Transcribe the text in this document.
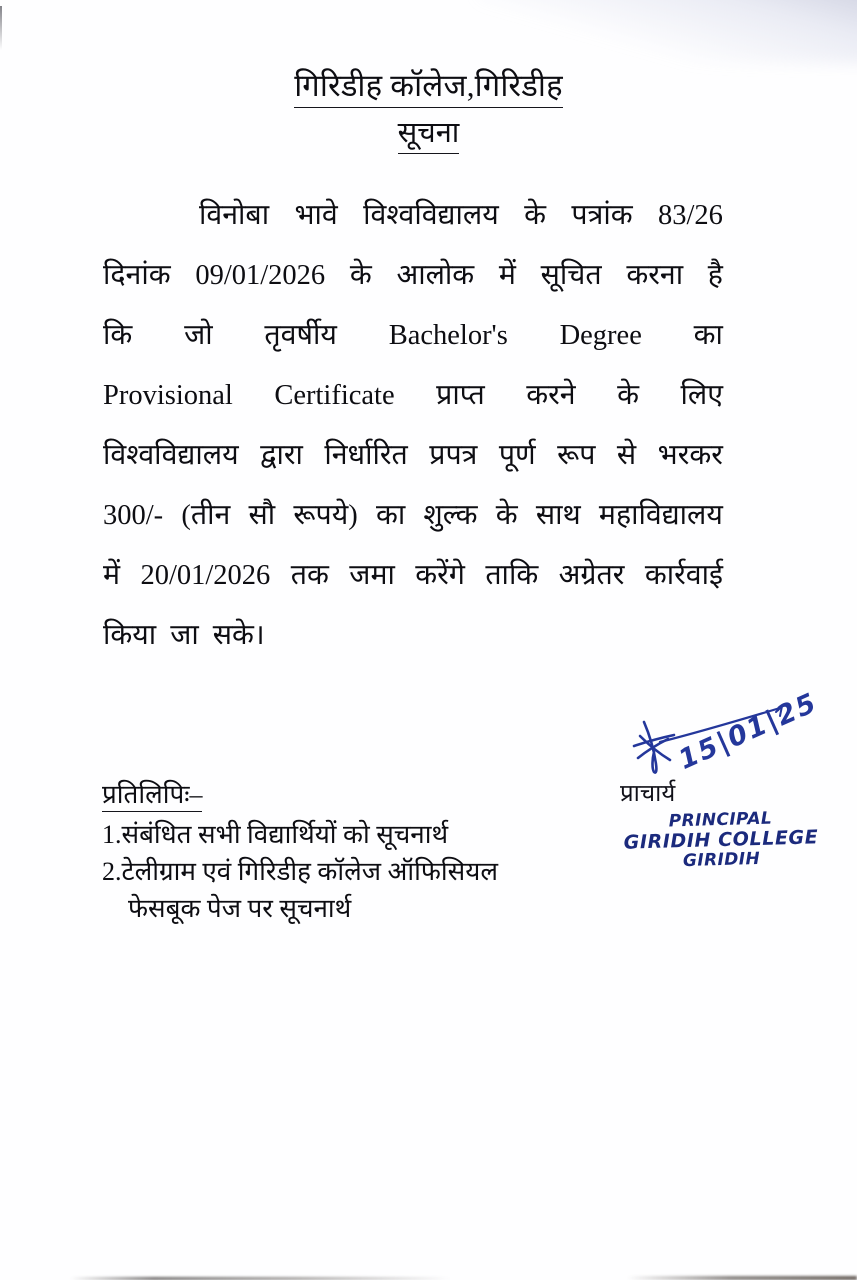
गिरिडीह कॉलेज,गिरिडीह
सूचना
विनोबा भावे विश्वविद्यालय के पत्रांक 83/26
दिनांक 09/01/2026 के आलोक में सूचित करना है
कि जो तृवर्षीय Bachelor's Degree का
Provisional Certificate प्राप्त करने के लिए
विश्वविद्यालय द्वारा निर्धारित प्रपत्र पूर्ण रूप से भरकर
300/- (तीन सौ रूपये) का शुल्क के साथ महाविद्यालय
में 20/01/2026 तक जमा करेंगे ताकि अग्रेतर कार्रवाई
किया जा सके।
प्रतिलिपिः–
1.संबंधित सभी विद्यार्थियों को सूचनार्थ
2.टेलीग्राम एवं गिरिडीह कॉलेज ऑफिसियल
फेसबूक पेज पर सूचनार्थ
15|01|25
प्राचार्य
PRINCIPAL
GIRIDIH COLLEGE
GIRIDIH
